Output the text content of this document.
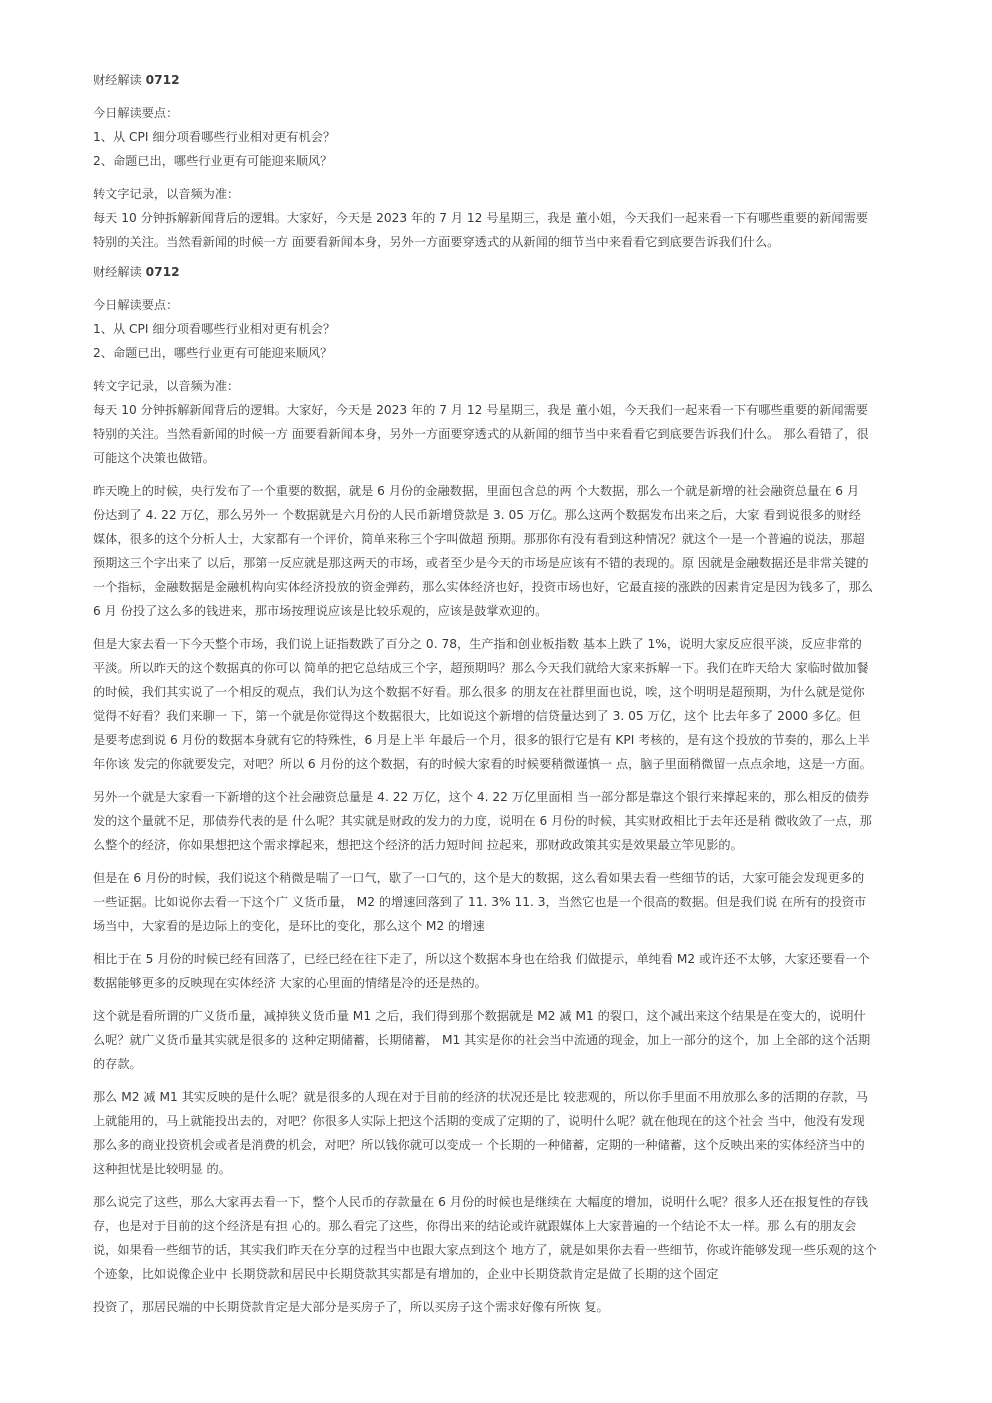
财经解读 0712
今日解读要点：
1、从 CPI 细分项看哪些行业相对更有机会？
2、命题已出，哪些行业更有可能迎来顺风？
转文字记录，以音频为准：
每天 10 分钟拆解新闻背后的逻辑。大家好，今天是 2023 年的 7 月 12 号星期三，我是 董小姐，今天我们一起来看一下有哪些重要的新闻需要
特别的关注。当然看新闻的时候一方 面要看新闻本身，另外一方面要穿透式的从新闻的细节当中来看看它到底要告诉我们什么。
财经解读 0712
今日解读要点：
1、从 CPI 细分项看哪些行业相对更有机会？
2、命题已出，哪些行业更有可能迎来顺风？
转文字记录，以音频为准：
每天 10 分钟拆解新闻背后的逻辑。大家好，今天是 2023 年的 7 月 12 号星期三，我是 董小姐，今天我们一起来看一下有哪些重要的新闻需要
特别的关注。当然看新闻的时候一方 面要看新闻本身，另外一方面要穿透式的从新闻的细节当中来看看它到底要告诉我们什么。 那么看错了，很
可能这个决策也做错。
昨天晚上的时候，央行发布了一个重要的数据，就是 6 月份的金融数据，里面包含总的两 个大数据，那么一个就是新增的社会融资总量在 6 月
份达到了 4. 22 万亿，那么另外一 个数据就是六月份的人民币新增贷款是 3. 05 万亿。那么这两个数据发布出来之后，大家 看到说很多的财经
媒体，很多的这个分析人士，大家都有一个评价，简单来称三个字叫做超 预期。那那你有没有看到这种情况？就这个一是一个普遍的说法，那超
预期这三个字出来了 以后，那第一反应就是那这两天的市场，或者至少是今天的市场是应该有不错的表现的。原 因就是金融数据还是非常关键的
一个指标，金融数据是金融机构向实体经济投放的资金弹药，那么实体经济也好，投资市场也好，它最直接的涨跌的因素肯定是因为钱多了，那么
6 月 份投了这么多的钱进来，那市场按理说应该是比较乐观的，应该是鼓掌欢迎的。
但是大家去看一下今天整个市场，我们说上证指数跌了百分之 0. 78，生产指和创业板指数 基本上跌了 1%，说明大家反应很平淡，反应非常的
平淡。所以昨天的这个数据真的你可以 简单的把它总结成三个字，超预期吗？那么今天我们就给大家来拆解一下。我们在昨天给大 家临时做加餐
的时候，我们其实说了一个相反的观点，我们认为这个数据不好看。那么很多 的朋友在社群里面也说，唉，这个明明是超预期，为什么就是觉你
觉得不好看？我们来聊一 下，第一个就是你觉得这个数据很大，比如说这个新增的信贷量达到了 3. 05 万亿，这个 比去年多了 2000 多亿。但
是要考虑到说 6 月份的数据本身就有它的特殊性，6 月是上半 年最后一个月，很多的银行它是有 KPI 考核的，是有这个投放的节奏的，那么上半
年你该 发完的你就要发完，对吧？所以 6 月份的这个数据，有的时候大家看的时候要稍微谨慎一 点，脑子里面稍微留一点点余地，这是一方面。
另外一个就是大家看一下新增的这个社会融资总量是 4. 22 万亿，这个 4. 22 万亿里面相 当一部分都是靠这个银行来撑起来的，那么相反的债券
发的这个量就不足，那债券代表的是 什么呢？其实就是财政的发力的力度，说明在 6 月份的时候，其实财政相比于去年还是稍 微收敛了一点，那
么整个的经济，你如果想把这个需求撑起来，想把这个经济的活力短时间 拉起来，那财政政策其实是效果最立竿见影的。
但是在 6 月份的时候，我们说这个稍微是喘了一口气，歇了一口气的，这个是大的数据，这么看如果去看一些细节的话，大家可能会发现更多的
一些证据。比如说你去看一下这个广 义货币量， M2 的增速回落到了 11. 3% 11. 3，当然它也是一个很高的数据。但是我们说 在所有的投资市
场当中，大家看的是边际上的变化，是环比的变化，那么这个 M2 的增速
相比于在 5 月份的时候已经有回落了，已经已经在往下走了，所以这个数据本身也在给我 们做提示，单纯看 M2 或许还不太够，大家还要看一个
数据能够更多的反映现在实体经济 大家的心里面的情绪是冷的还是热的。
这个就是看所谓的广义货币量，减掉狭义货币量 M1 之后，我们得到那个数据就是 M2 减 M1 的裂口，这个减出来这个结果是在变大的，说明什
么呢？就广义货币量其实就是很多的 这种定期储蓄，长期储蓄， M1 其实是你的社会当中流通的现金，加上一部分的这个，加 上全部的这个活期
的存款。
那么 M2 减 M1 其实反映的是什么呢？就是很多的人现在对于目前的经济的状况还是比 较悲观的，所以你手里面不用放那么多的活期的存款，马
上就能用的，马上就能投出去的，对吧？你很多人实际上把这个活期的变成了定期的了，说明什么呢？就在他现在的这个社会 当中，他没有发现
那么多的商业投资机会或者是消费的机会，对吧？所以钱你就可以变成一 个长期的一种储蓄，定期的一种储蓄，这个反映出来的实体经济当中的
这种担忧是比较明显 的。
那么说完了这些，那么大家再去看一下，整个人民币的存款量在 6 月份的时候也是继续在 大幅度的增加，说明什么呢？很多人还在报复性的存钱
存，也是对于目前的这个经济是有担 心的。那么看完了这些，你得出来的结论或许就跟媒体上大家普遍的一个结论不太一样。那 么有的朋友会
说，如果看一些细节的话，其实我们昨天在分享的过程当中也跟大家点到这个 地方了，就是如果你去看一些细节，你或许能够发现一些乐观的这个
个迹象，比如说像企业中 长期贷款和居民中长期贷款其实都是有增加的，企业中长期贷款肯定是做了长期的这个固定
投资了，那居民端的中长期贷款肯定是大部分是买房子了，所以买房子这个需求好像有所恢 复。
